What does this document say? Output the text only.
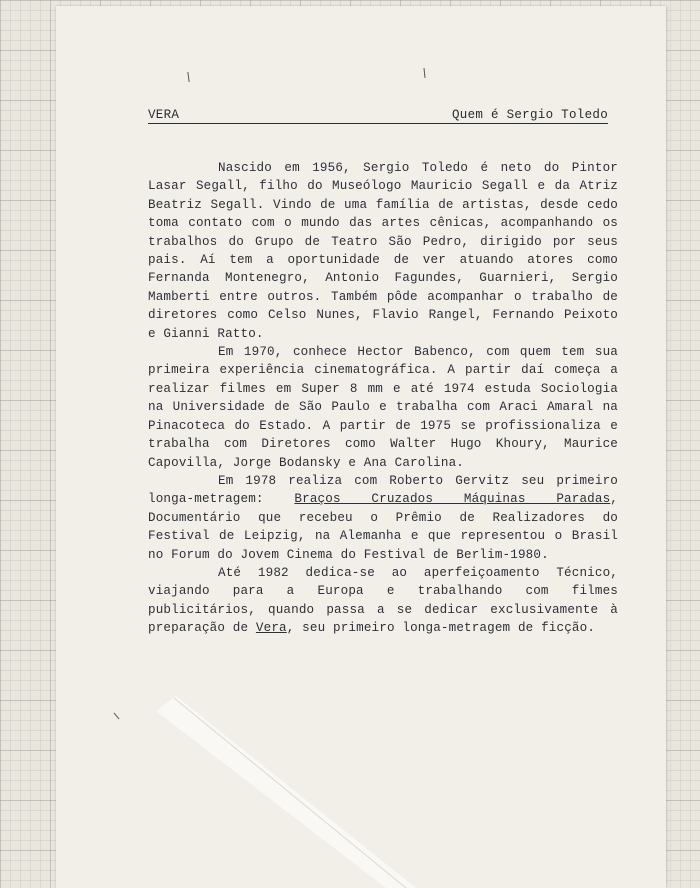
VERA	Quem é Sergio Toledo

Nascido em 1956, Sergio Toledo é neto do Pintor Lasar Segall, filho do Museólogo Mauricio Segall e da Atriz Beatriz Segall. Vindo de uma família de artistas, desde cedo toma contato com o mundo das artes cênicas, acompanhando os trabalhos do Grupo de Teatro São Pedro, dirigido por seus pais. Aí tem a oportunidade de ver atuando atores como Fernanda Montenegro, Antonio Fagundes, Guarnieri, Sergio Mamberti entre outros. Também pôde acompanhar o trabalho de diretores como Celso Nunes, Flavio Rangel, Fernando Peixoto e Gianni Ratto.

Em 1970, conhece Hector Babenco, com quem tem sua primeira experiência cinematográfica. A partir daí começa a realizar filmes em Super 8 mm e até 1974 estuda Sociologia na Universidade de São Paulo e trabalha com Araci Amaral na Pinacoteca do Estado. A partir de 1975 se profissionaliza e trabalha com Diretores como Walter Hugo Khoury, Maurice Capovilla, Jorge Bodansky e Ana Carolina.

Em 1978 realiza com Roberto Gervitz seu primeiro longa-metragem: Braços Cruzados Máquinas Paradas, Documentário que recebeu o Prêmio de Realizadores do Festival de Leipzig, na Alemanha e que representou o Brasil no Forum do Jovem Cinema do Festival de Berlim-1980.

Até 1982 dedica-se ao aperfeiçoamento Técnico, viajando para a Europa e trabalhando com filmes publicitários, quando passa a se dedicar exclusivamente à preparação de Vera, seu primeiro longa-metragem de ficção.
